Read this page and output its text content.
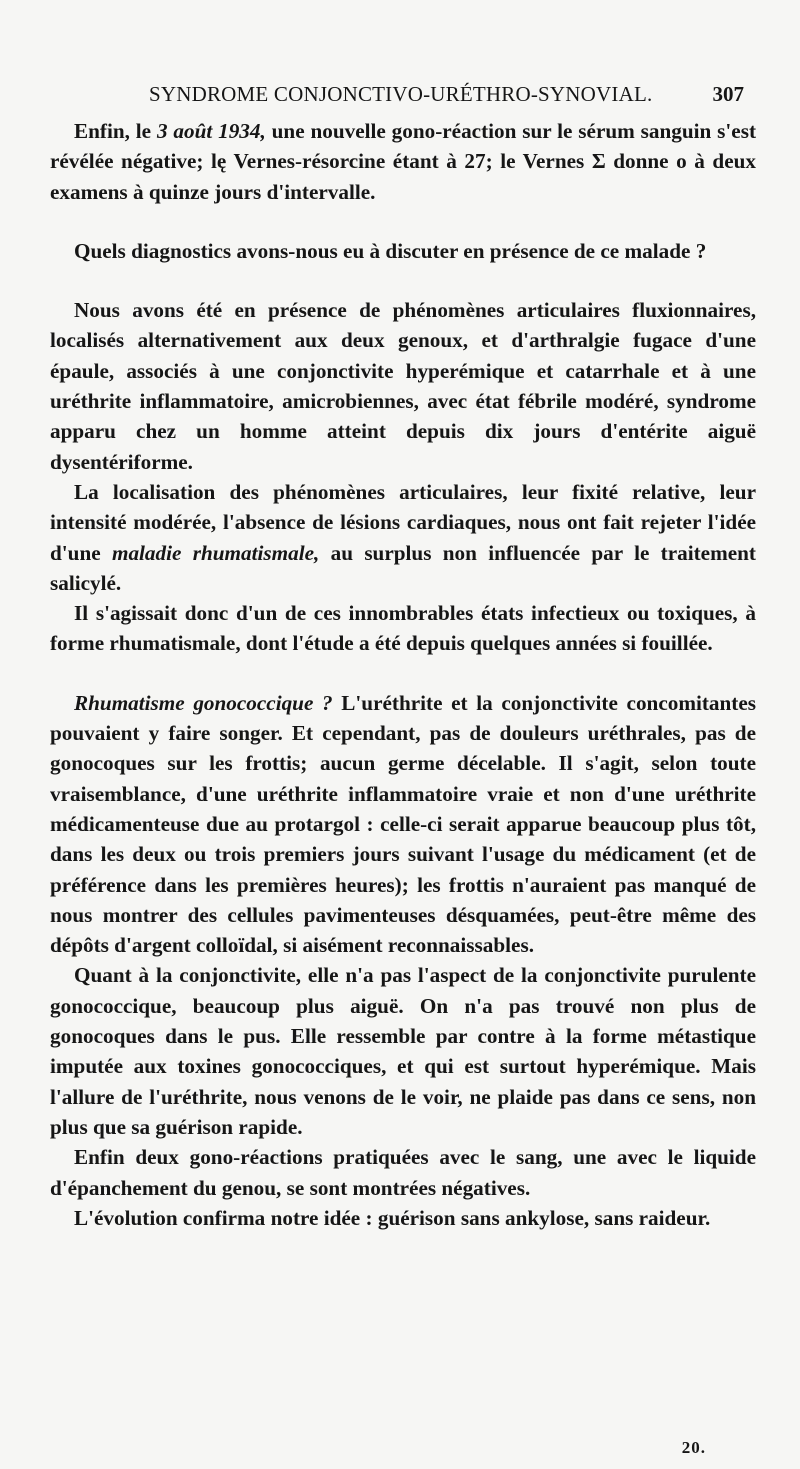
SYNDROME CONJONCTIVO-URÉTHRO-SYNOVIAL.	307

Enfin, le 3 août 1934, une nouvelle gono-réaction sur le sérum sanguin s'est révélée négative; lę Vernes-résorcine étant à 27; le Vernes Σ donne o à deux examens à quinze jours d'intervalle.

Quels diagnostics avons-nous eu à discuter en présence de ce malade ?

Nous avons été en présence de phénomènes articulaires fluxionnaires, localisés alternativement aux deux genoux, et d'arthralgie fugace d'une épaule, associés à une conjonctivite hyperémique et catarrhale et à une uréthrite inflammatoire, amicrobiennes, avec état fébrile modéré, syndrome apparu chez un homme atteint depuis dix jours d'entérite aiguë dysentériforme.

La localisation des phénomènes articulaires, leur fixité relative, leur intensité modérée, l'absence de lésions cardiaques, nous ont fait rejeter l'idée d'une maladie rhumatismale, au surplus non influencée par le traitement salicylé.

Il s'agissait donc d'un de ces innombrables états infectieux ou toxiques, à forme rhumatismale, dont l'étude a été depuis quelques années si fouillée.

Rhumatisme gonococcique ? L'uréthrite et la conjonctivite concomitantes pouvaient y faire songer. Et cependant, pas de douleurs uréthrales, pas de gonocoques sur les frottis; aucun germe décelable. Il s'agit, selon toute vraisemblance, d'une uréthrite inflammatoire vraie et non d'une uréthrite médicamenteuse due au protargol : celle-ci serait apparue beaucoup plus tôt, dans les deux ou trois premiers jours suivant l'usage du médicament (et de préférence dans les premières heures); les frottis n'auraient pas manqué de nous montrer des cellules pavimenteuses désquamées, peut-être même des dépôts d'argent colloïdal, si aisément reconnaissables.

Quant à la conjonctivite, elle n'a pas l'aspect de la conjonctivite purulente gonococcique, beaucoup plus aiguë. On n'a pas trouvé non plus de gonocoques dans le pus. Elle ressemble par contre à la forme métastique imputée aux toxines gonococciques, et qui est surtout hyperémique. Mais l'allure de l'uréthrite, nous venons de le voir, ne plaide pas dans ce sens, non plus que sa guérison rapide.

Enfin deux gono-réactions pratiquées avec le sang, une avec le liquide d'épanchement du genou, se sont montrées négatives.

L'évolution confirma notre idée : guérison sans ankylose, sans raideur.

20.
